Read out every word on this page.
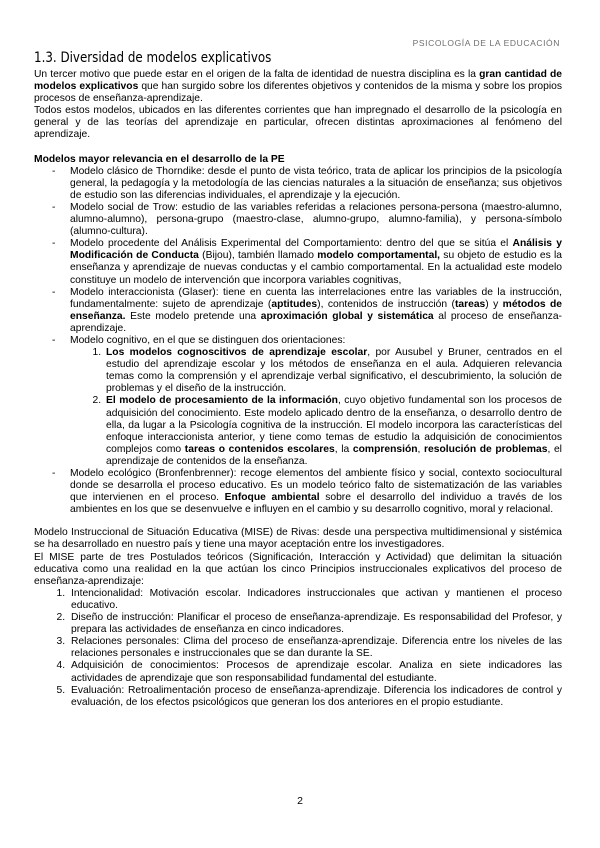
PSICOLOGÍA DE LA EDUCACIÓN
1.3. Diversidad de modelos explicativos

Un tercer motivo que puede estar en el origen de la falta de identidad de nuestra disciplina es la gran cantidad de modelos explicativos que han surgido sobre los diferentes objetivos y contenidos de la misma y sobre los propios procesos de enseñanza-aprendizaje.

Todos estos modelos, ubicados en las diferentes corrientes que han impregnado el desarrollo de la psicología en general y de las teorías del aprendizaje en particular, ofrecen distintas aproximaciones al fenómeno del aprendizaje.

Modelos mayor relevancia en el desarrollo de la PE

- Modelo clásico de Thorndike: desde el punto de vista teórico, trata de aplicar los principios de la psicología general, la pedagogía y la metodología de las ciencias naturales a la situación de enseñanza; sus objetivos de estudio son las diferencias individuales, el aprendizaje y la ejecución.
- Modelo social de Trow: estudio de las variables referidas a relaciones persona-persona (maestro-alumno, alumno-alumno), persona-grupo (maestro-clase, alumno-grupo, alumno-familia), y persona-símbolo (alumno-cultura).
- Modelo procedente del Análisis Experimental del Comportamiento: dentro del que se sitúa el Análisis y Modificación de Conducta (Bijou), también llamado modelo comportamental, su objeto de estudio es la enseñanza y aprendizaje de nuevas conductas y el cambio comportamental. En la actualidad este modelo constituye un modelo de intervención que incorpora variables cognitivas,
- Modelo interaccionista (Glaser): tiene en cuenta las interrelaciones entre las variables de la instrucción, fundamentalmente: sujeto de aprendizaje (aptitudes), contenidos de instrucción (tareas) y métodos de enseñanza. Este modelo pretende una aproximación global y sistemática al proceso de enseñanza-aprendizaje.
- Modelo cognitivo, en el que se distinguen dos orientaciones:
1. Los modelos cognoscitivos de aprendizaje escolar, por Ausubel y Bruner, centrados en el estudio del aprendizaje escolar y los métodos de enseñanza en el aula. Adquieren relevancia temas como la comprensión y el aprendizaje verbal significativo, el descubrimiento, la solución de problemas y el diseño de la instrucción.
2. El modelo de procesamiento de la información, cuyo objetivo fundamental son los procesos de adquisición del conocimiento. Este modelo aplicado dentro de la enseñanza, o desarrollo dentro de ella, da lugar a la Psicología cognitiva de la instrucción. El modelo incorpora las características del enfoque interaccionista anterior, y tiene como temas de estudio la adquisición de conocimientos complejos como tareas o contenidos escolares, la comprensión, resolución de problemas, el aprendizaje de contenidos de la enseñanza.
- Modelo ecológico (Bronfenbrenner): recoge elementos del ambiente físico y social, contexto sociocultural donde se desarrolla el proceso educativo. Es un modelo teórico falto de sistematización de las variables que intervienen en el proceso. Enfoque ambiental sobre el desarrollo del individuo a través de los ambientes en los que se desenvuelve e influyen en el cambio y su desarrollo cognitivo, moral y relacional.

Modelo Instruccional de Situación Educativa (MISE) de Rivas: desde una perspectiva multidimensional y sistémica se ha desarrollado en nuestro país y tiene una mayor aceptación entre los investigadores.

El MISE parte de tres Postulados teóricos (Significación, Interacción y Actividad) que delimitan la situación educativa como una realidad en la que actúan los cinco Principios instruccionales explicativos del proceso de enseñanza-aprendizaje:

1. Intencionalidad: Motivación escolar. Indicadores instruccionales que activan y mantienen el proceso educativo.
2. Diseño de instrucción: Planificar el proceso de enseñanza-aprendizaje. Es responsabilidad del Profesor, y prepara las actividades de enseñanza en cinco indicadores.
3. Relaciones personales: Clima del proceso de enseñanza-aprendizaje. Diferencia entre los niveles de las relaciones personales e instruccionales que se dan durante la SE.
4. Adquisición de conocimientos: Procesos de aprendizaje escolar. Analiza en siete indicadores las actividades de aprendizaje que son responsabilidad fundamental del estudiante.
5. Evaluación: Retroalimentación proceso de enseñanza-aprendizaje. Diferencia los indicadores de control y evaluación, de los efectos psicológicos que generan los dos anteriores en el propio estudiante.
2
